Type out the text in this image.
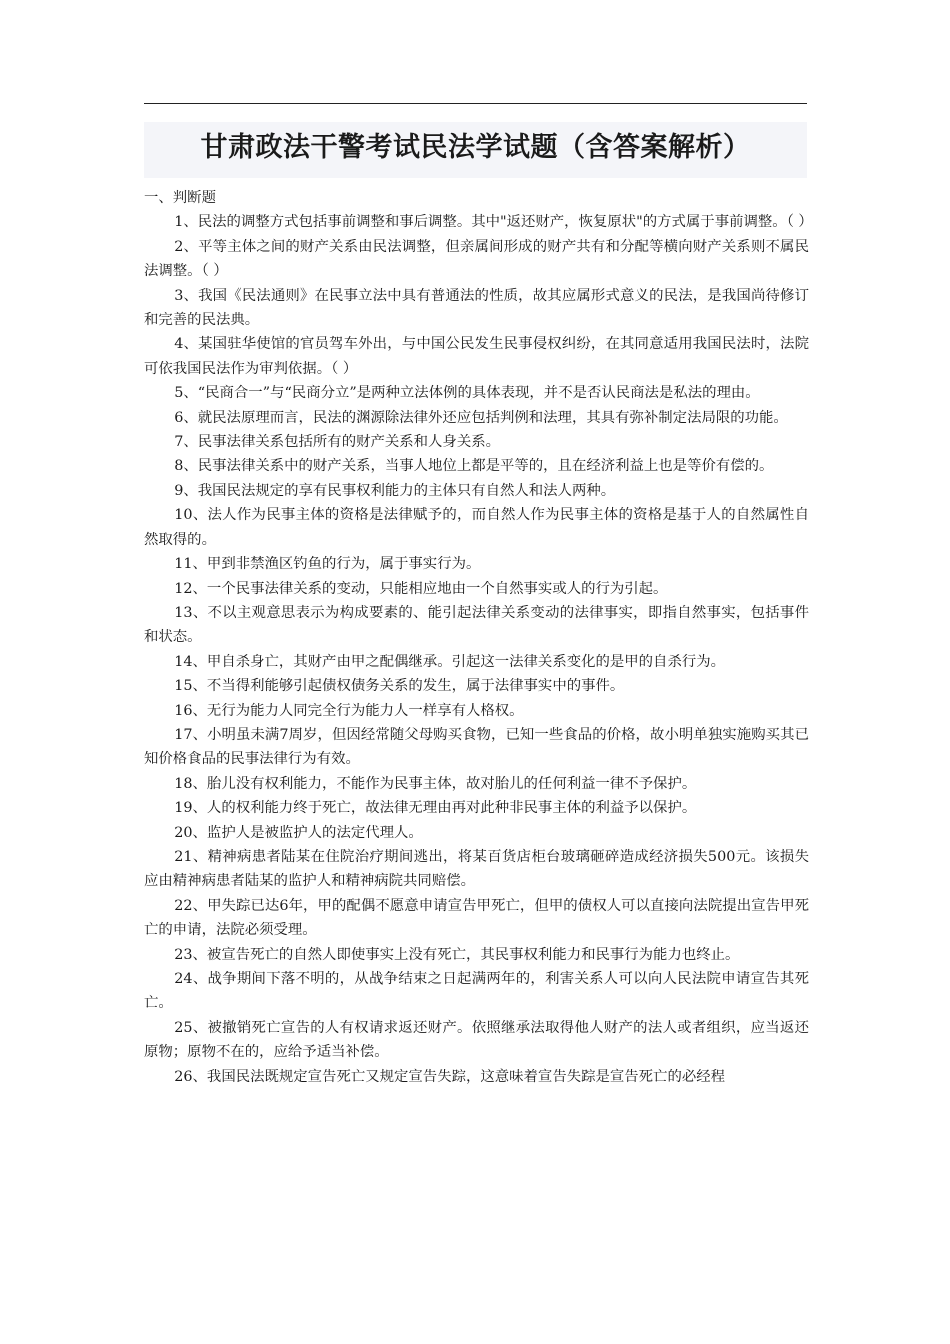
甘肃政法干警考试民法学试题（含答案解析）

一、判断题

1、民法的调整方式包括事前调整和事后调整。其中"返还财产，恢复原状"的方式属于事前调整。（ ）

2、平等主体之间的财产关系由民法调整，但亲属间形成的财产共有和分配等横向财产关系则不属民法调整。（ ）

3、我国《民法通则》在民事立法中具有普通法的性质，故其应属形式意义的民法，是我国尚待修订和完善的民法典。

4、某国驻华使馆的官员驾车外出，与中国公民发生民事侵权纠纷，在其同意适用我国民法时，法院可依我国民法作为审判依据。（ ）

5、“民商合一”与“民商分立”是两种立法体例的具体表现，并不是否认民商法是私法的理由。

6、就民法原理而言，民法的渊源除法律外还应包括判例和法理，其具有弥补制定法局限的功能。

7、民事法律关系包括所有的财产关系和人身关系。

8、民事法律关系中的财产关系，当事人地位上都是平等的，且在经济利益上也是等价有偿的。

9、我国民法规定的享有民事权利能力的主体只有自然人和法人两种。

10、法人作为民事主体的资格是法律赋予的，而自然人作为民事主体的资格是基于人的自然属性自然取得的。

11、甲到非禁渔区钓鱼的行为，属于事实行为。

12、一个民事法律关系的变动，只能相应地由一个自然事实或人的行为引起。

13、不以主观意思表示为构成要素的、能引起法律关系变动的法律事实，即指自然事实，包括事件和状态。

14、甲自杀身亡，其财产由甲之配偶继承。引起这一法律关系变化的是甲的自杀行为。

15、不当得利能够引起债权债务关系的发生，属于法律事实中的事件。

16、无行为能力人同完全行为能力人一样享有人格权。

17、小明虽未满7周岁，但因经常随父母购买食物，已知一些食品的价格，故小明单独实施购买其已知价格食品的民事法律行为有效。

18、胎儿没有权利能力，不能作为民事主体，故对胎儿的任何利益一律不予保护。

19、人的权利能力终于死亡，故法律无理由再对此种非民事主体的利益予以保护。

20、监护人是被监护人的法定代理人。

21、精神病患者陆某在住院治疗期间逃出，将某百货店柜台玻璃砸碎造成经济损失500元。该损失应由精神病患者陆某的监护人和精神病院共同赔偿。

22、甲失踪已达6年，甲的配偶不愿意申请宣告甲死亡，但甲的债权人可以直接向法院提出宣告甲死亡的申请，法院必须受理。

23、被宣告死亡的自然人即使事实上没有死亡，其民事权利能力和民事行为能力也终止。

24、战争期间下落不明的，从战争结束之日起满两年的，利害关系人可以向人民法院申请宣告其死亡。

25、被撤销死亡宣告的人有权请求返还财产。依照继承法取得他人财产的法人或者组织，应当返还原物；原物不在的，应给予适当补偿。

26、我国民法既规定宣告死亡又规定宣告失踪，这意味着宣告失踪是宣告死亡的必经程
